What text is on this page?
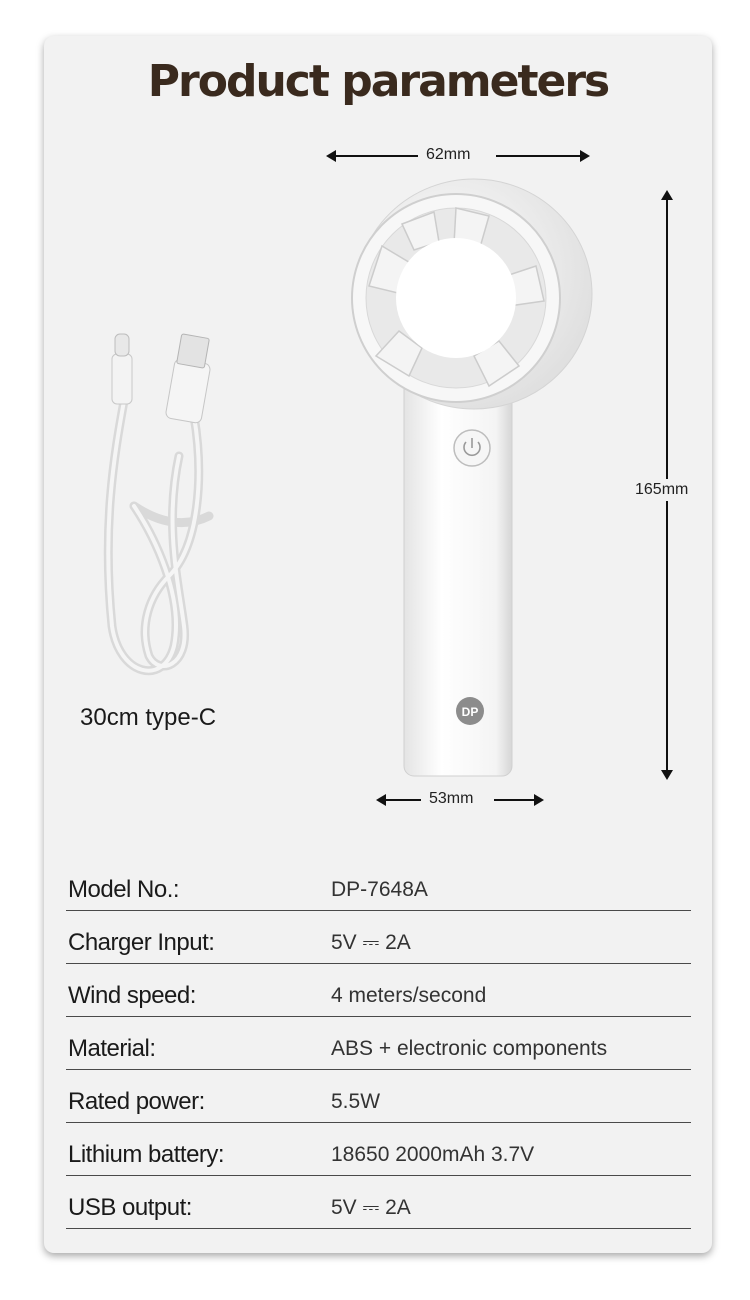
Product parameters
62mm
165mm
53mm
DP
30cm type-C
Model No.:	DP-7648A
Charger Input:	5V ⎓ 2A
Wind speed:	4 meters/second
Material:	ABS + electronic components
Rated power:	5.5W
Lithium battery:	18650 2000mAh 3.7V
USB output:	5V ⎓ 2A
